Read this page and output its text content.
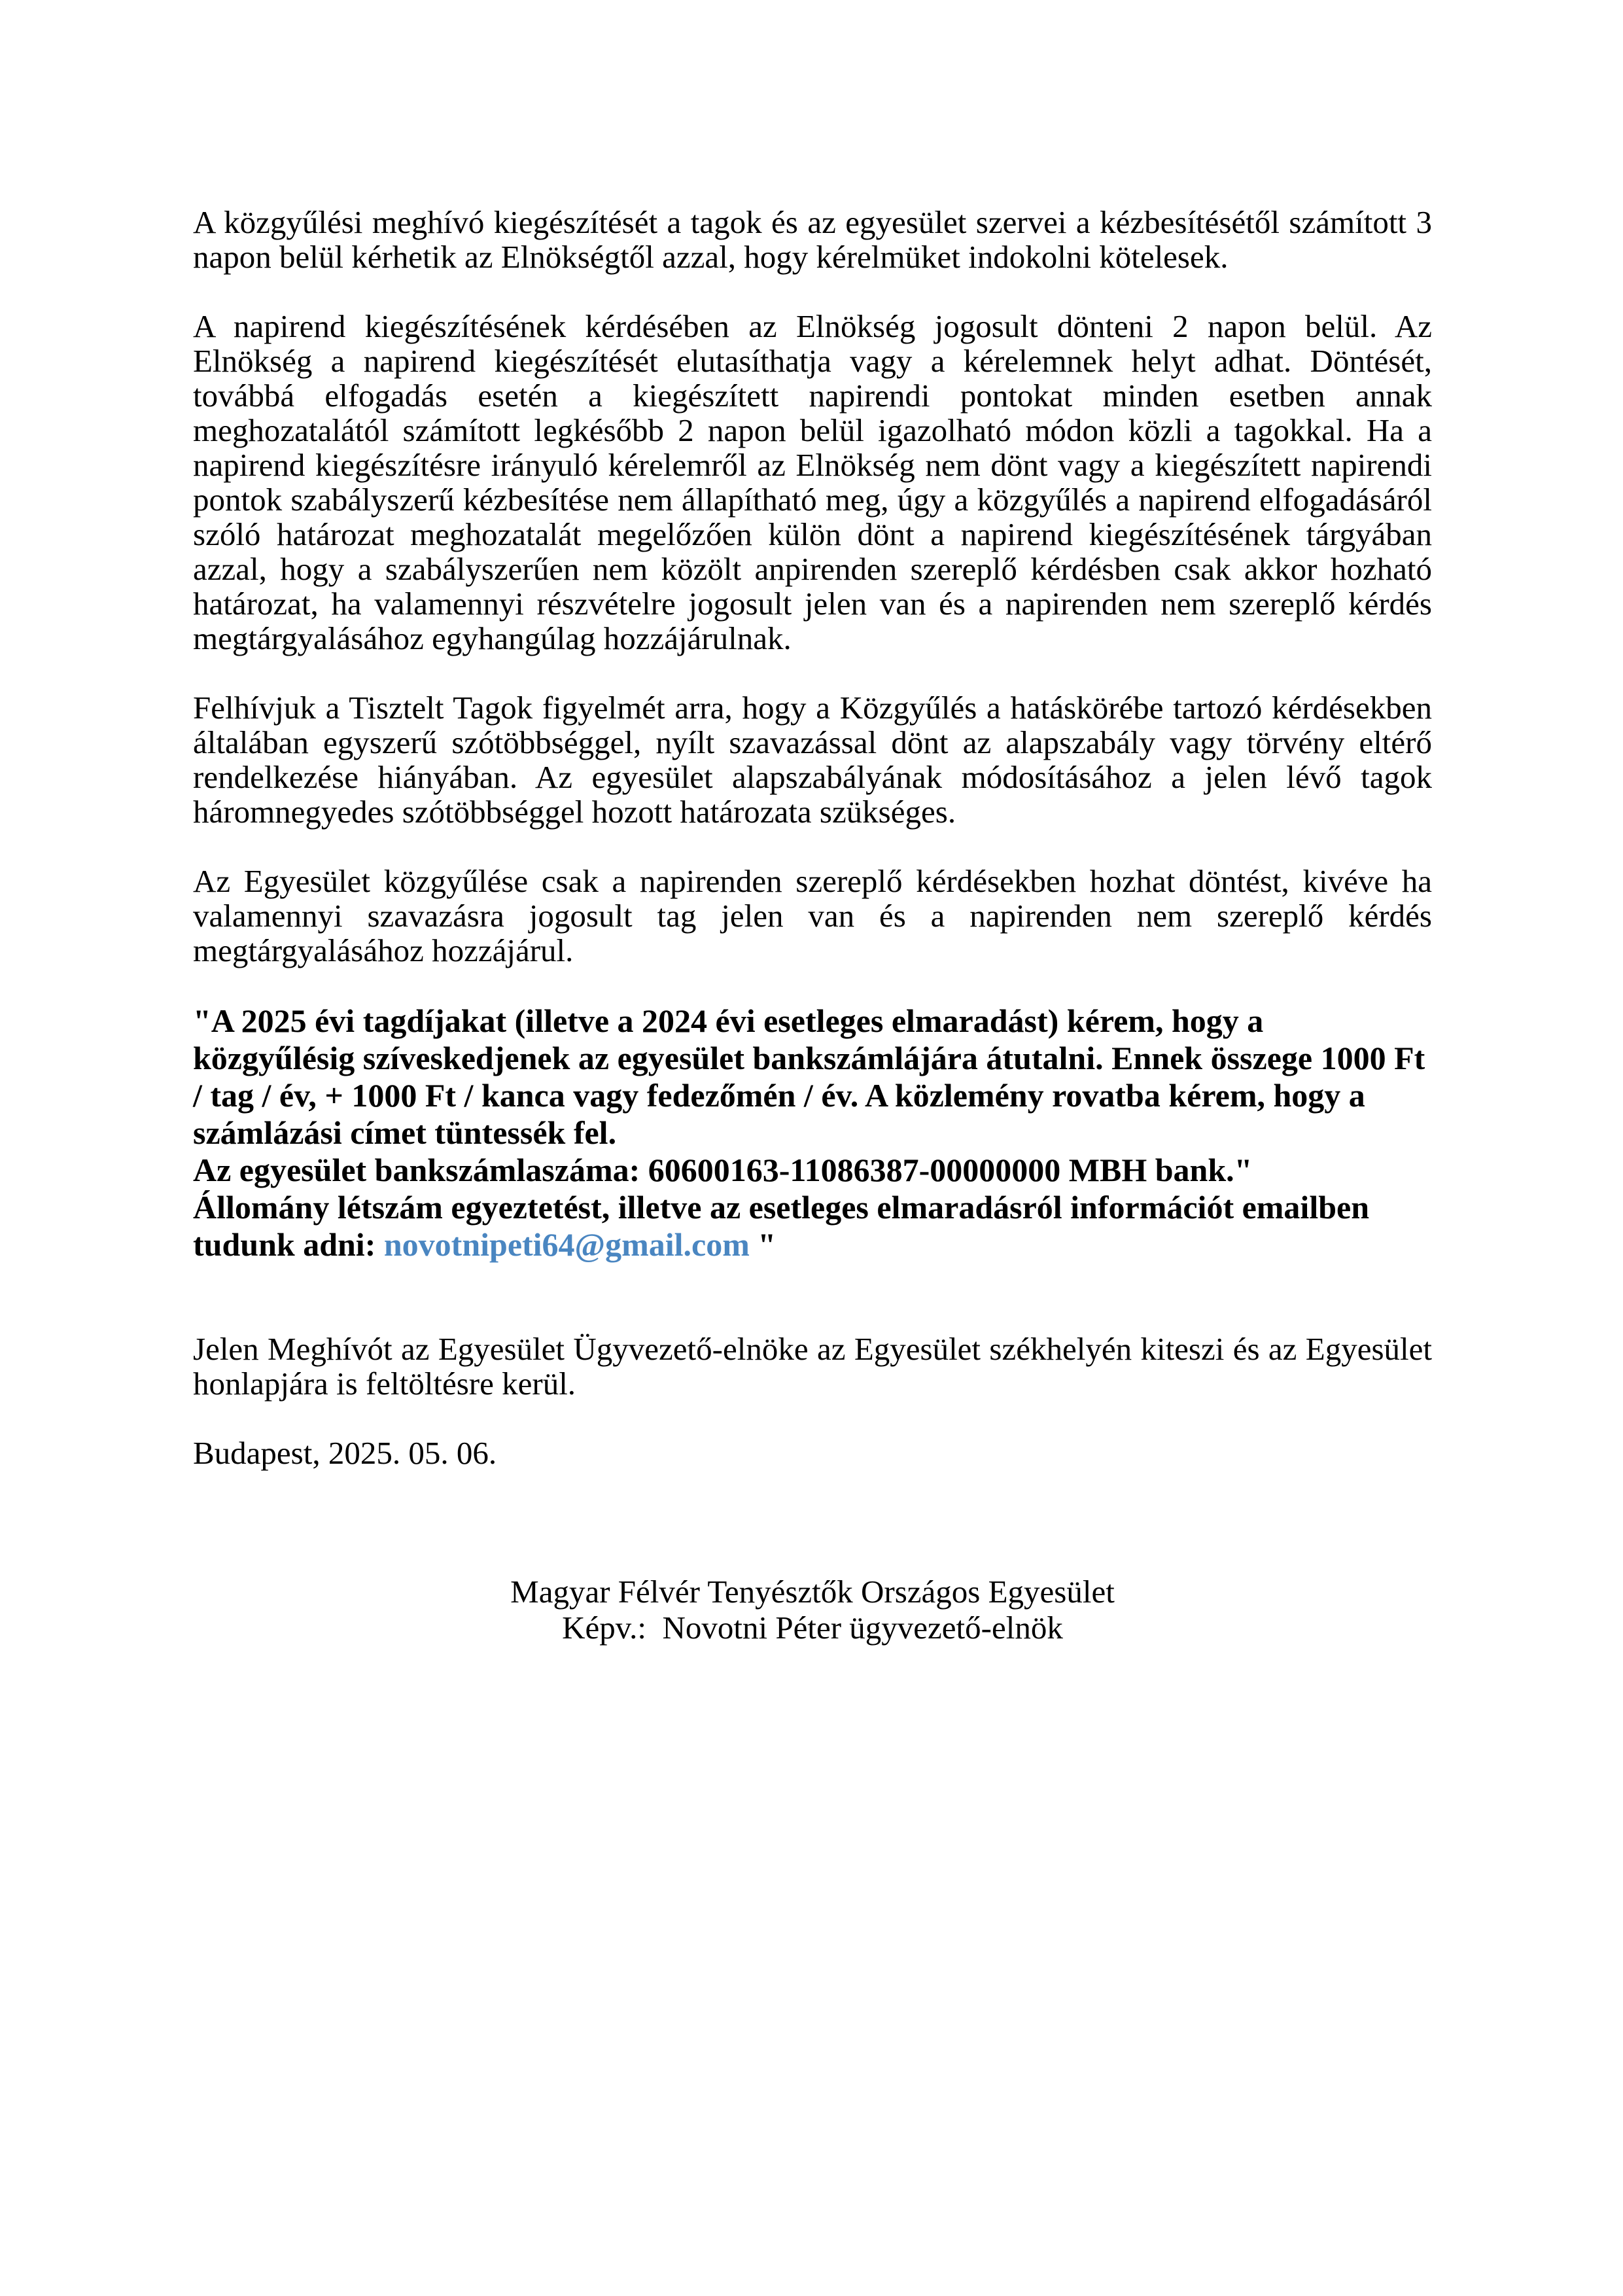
A közgyűlési meghívó kiegészítését a tagok és az egyesület szervei a kézbesítésétől számított 3 napon belül kérhetik az Elnökségtől azzal, hogy kérelmüket indokolni kötelesek.

A napirend kiegészítésének kérdésében az Elnökség jogosult dönteni 2 napon belül. Az Elnökség a napirend kiegészítését elutasíthatja vagy a kérelemnek helyt adhat. Döntését, továbbá elfogadás esetén a kiegészített napirendi pontokat minden esetben annak meghozatalától számított legkésőbb 2 napon belül igazolható módon közli a tagokkal. Ha a napirend kiegészítésre irányuló kérelemről az Elnökség nem dönt vagy a kiegészített napirendi pontok szabályszerű kézbesítése nem állapítható meg, úgy a közgyűlés a napirend elfogadásáról szóló határozat meghozatalát megelőzően külön dönt a napirend kiegészítésének tárgyában azzal, hogy a szabályszerűen nem közölt anpirenden szereplő kérdésben csak akkor hozható határozat, ha valamennyi részvételre jogosult jelen van és a napirenden nem szereplő kérdés megtárgyalásához egyhangúlag hozzájárulnak.

Felhívjuk a Tisztelt Tagok figyelmét arra, hogy a Közgyűlés a hatáskörébe tartozó kérdésekben általában egyszerű szótöbbséggel, nyílt szavazással dönt az alapszabály vagy törvény eltérő rendelkezése hiányában. Az egyesület alapszabályának módosításához a jelen lévő tagok háromnegyedes szótöbbséggel hozott határozata szükséges.

Az Egyesület közgyűlése csak a napirenden szereplő kérdésekben hozhat döntést, kivéve ha valamennyi szavazásra jogosult tag jelen van és a napirenden nem szereplő kérdés megtárgyalásához hozzájárul.

"A 2025 évi tagdíjakat (illetve a 2024 évi esetleges elmaradást) kérem, hogy a
közgyűlésig szíveskedjenek az egyesület bankszámlájára átutalni. Ennek összege 1000 Ft
/ tag / év, + 1000 Ft / kanca vagy fedezőmén / év. A közlemény rovatba kérem, hogy a
számlázási címet tüntessék fel.
Az egyesület bankszámlaszáma: 60600163-11086387-00000000 MBH bank."
Állomány létszám egyeztetést, illetve az esetleges elmaradásról információt emailben
tudunk adni: novotnipeti64@gmail.com "

Jelen Meghívót az Egyesület Ügyvezető-elnöke az Egyesület székhelyén kiteszi és az Egyesület honlapjára is feltöltésre kerül.

Budapest, 2025. 05. 06.

Magyar Félvér Tenyésztők Országos Egyesület
Képv.:  Novotni Péter ügyvezető-elnök
